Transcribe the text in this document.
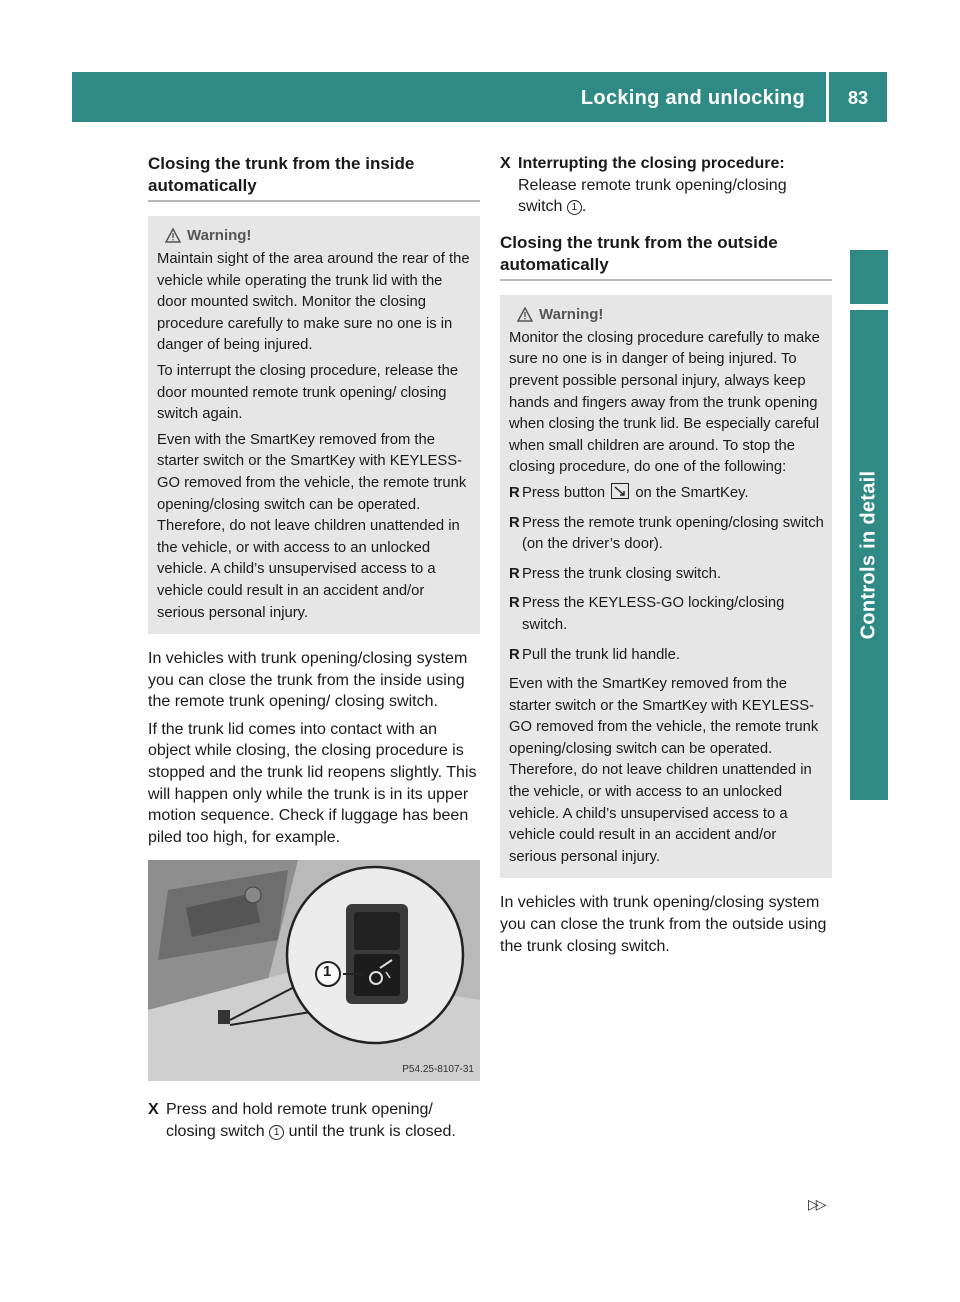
Locking and unlocking	83
Controls in detail
Closing the trunk from the inside automatically
Warning!

Maintain sight of the area around the rear of the vehicle while operating the trunk lid with the door mounted switch. Monitor the closing procedure carefully to make sure no one is in danger of being injured.

To interrupt the closing procedure, release the door mounted remote trunk opening/ closing switch again.

Even with the SmartKey removed from the starter switch or the SmartKey with KEYLESS-GO removed from the vehicle, the remote trunk opening/closing switch can be operated. Therefore, do not leave children unattended in the vehicle, or with access to an unlocked vehicle. A child’s unsupervised access to a vehicle could result in an accident and/or serious personal injury.

In vehicles with trunk opening/closing system you can close the trunk from the inside using the remote trunk opening/ closing switch.

If the trunk lid comes into contact with an object while closing, the closing procedure is stopped and the trunk lid reopens slightly. This will happen only while the trunk is in its upper motion sequence. Check if luggage has been piled too high, for example.

1
P54.25-8107-31
X Press and hold remote trunk opening/ closing switch 1 until the trunk is closed.
X Interrupting the closing procedure:
Release remote trunk opening/closing switch 1 .
Closing the trunk from the outside automatically
Warning!

Monitor the closing procedure carefully to make sure no one is in danger of being injured. To prevent possible personal injury, always keep hands and fingers away from the trunk opening when closing the trunk lid. Be especially careful when small children are around. To stop the closing procedure, do one of the following:

R Press button on the SmartKey.
R Press the remote trunk opening/closing switch (on the driver’s door).
R Press the trunk closing switch.
R Press the KEYLESS-GO locking/closing switch.
R Pull the trunk lid handle.

Even with the SmartKey removed from the starter switch or the SmartKey with KEYLESS-GO removed from the vehicle, the remote trunk opening/closing switch can be operated. Therefore, do not leave children unattended in the vehicle, or with access to an unlocked vehicle. A child’s unsupervised access to a vehicle could result in an accident and/or serious personal injury.

In vehicles with trunk opening/closing system you can close the trunk from the outside using the trunk closing switch.

▷▷
